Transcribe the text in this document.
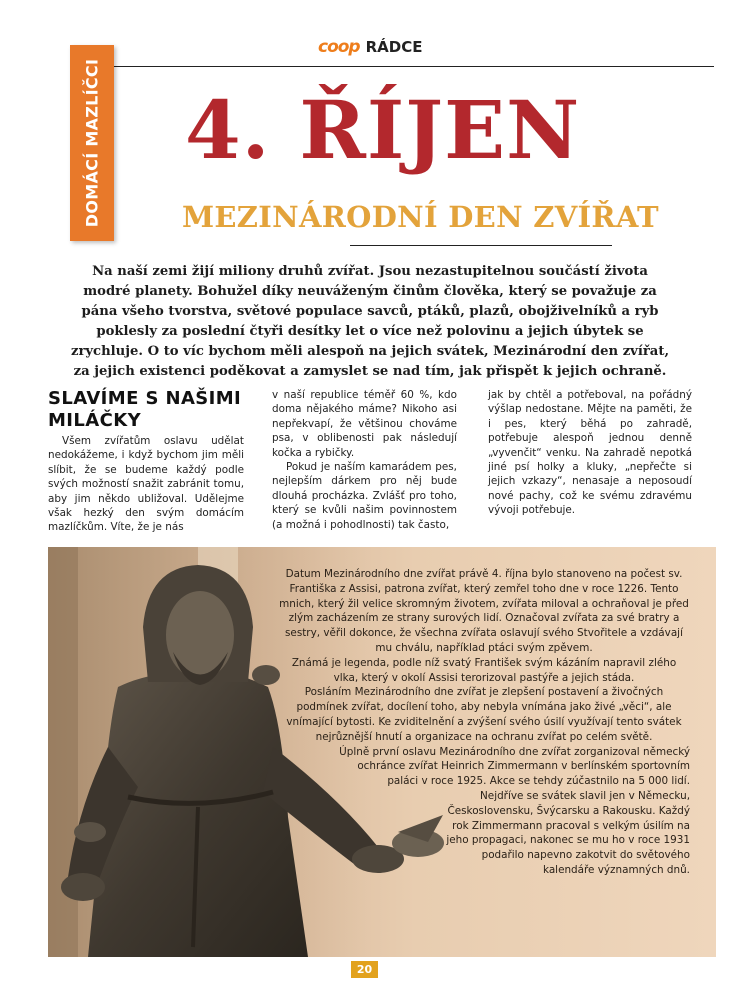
coop RÁDCE
DOMÁCÍ MAZLÍČCI 4. ŘÍJEN
MEZINÁRODNÍ DEN ZVÍŘAT

Na naší zemi žijí miliony druhů zvířat. Jsou nezastupitelnou součástí života modré planety. Bohužel díky neuváženým činům člověka, který se považuje za pána všeho tvorstva, světové populace savců, ptáků, plazů, obojživelníků a ryb poklesly za poslední čtyři desítky let o více než polovinu a jejich úbytek se zrychluje. O to víc bychom měli alespoň na jejich svátek, Mezinárodní den zvířat, za jejich existenci poděkovat a zamyslet se nad tím, jak přispět k jejich ochraně.

SLAVÍME S NAŠIMI MILÁČKY

Všem zvířatům oslavu udělat nedokážeme, i když bychom jim měli slíbit, že se budeme každý podle svých možností snažit zabránit tomu, aby jim někdo ubližoval. Udělejme však hezký den svým domácím mazlíčkům. Víte, že je nás

v naší republice téměř 60 %, kdo doma nějakého máme? Nikoho asi nepřekvapí, že většinou chováme psa, v oblibenosti pak následují kočka a rybičky.

Pokud je naším kamarádem pes, nejlepším dárkem pro něj bude dlouhá procházka. Zvlášť pro toho, který se kvůli našim povinnostem (a možná i pohodlnosti) tak často,

jak by chtěl a potřeboval, na pořádný výšlap nedostane. Mějte na paměti, že i pes, který běhá po zahradě, potřebuje alespoň jednou denně „vyvenčit“ venku. Na zahradě nepotká jiné psí holky a kluky, „nepřečte si jejich vzkazy“, nenasaje a neposoudí nové pachy, což ke svému zdravému vývoji potřebuje.

Datum Mezinárodního dne zvířat právě 4. října bylo stanoveno na počest sv. Františka z Assisi, patrona zvířat, který zemřel toho dne v roce 1226. Tento mnich, který žil velice skromným životem, zvířata miloval a ochraňoval je před zlým zacházením ze strany surových lidí. Označoval zvířata za své bratry a sestry, věřil dokonce, že všechna zvířata oslavují svého Stvořitele a vzdávají mu chválu, například ptáci svým zpěvem.

Známá je legenda, podle níž svatý František svým kázáním napravil zlého vlka, který v okolí Assisi terorizoval pastýře a jejich stáda.

Posláním Mezinárodního dne zvířat je zlepšení postavení a živočných podmínek zvířat, docílení toho, aby nebyla vnímána jako živé „věci“, ale vnímající bytosti. Ke zviditelnění a zvýšení svého úsilí využívají tento svátek nejrůznější hnutí a organizace na ochranu zvířat po celém světě.

Úplně první oslavu Mezinárodního dne zvířat zorganizoval německý ochránce zvířat Heinrich Zimmermann v berlínském sportovním paláci v roce 1925. Akce se tehdy zúčastnilo na 5 000 lidí.

Nejdříve se svátek slavil jen v Německu, Československu, Švýcarsku a Rakousku. Každý rok Zimmermann pracoval s velkým úsilím na jeho propagaci, nakonec se mu ho v roce 1931 podařilo napevno zakotvit do světového kalendáře významných dnů.

20
